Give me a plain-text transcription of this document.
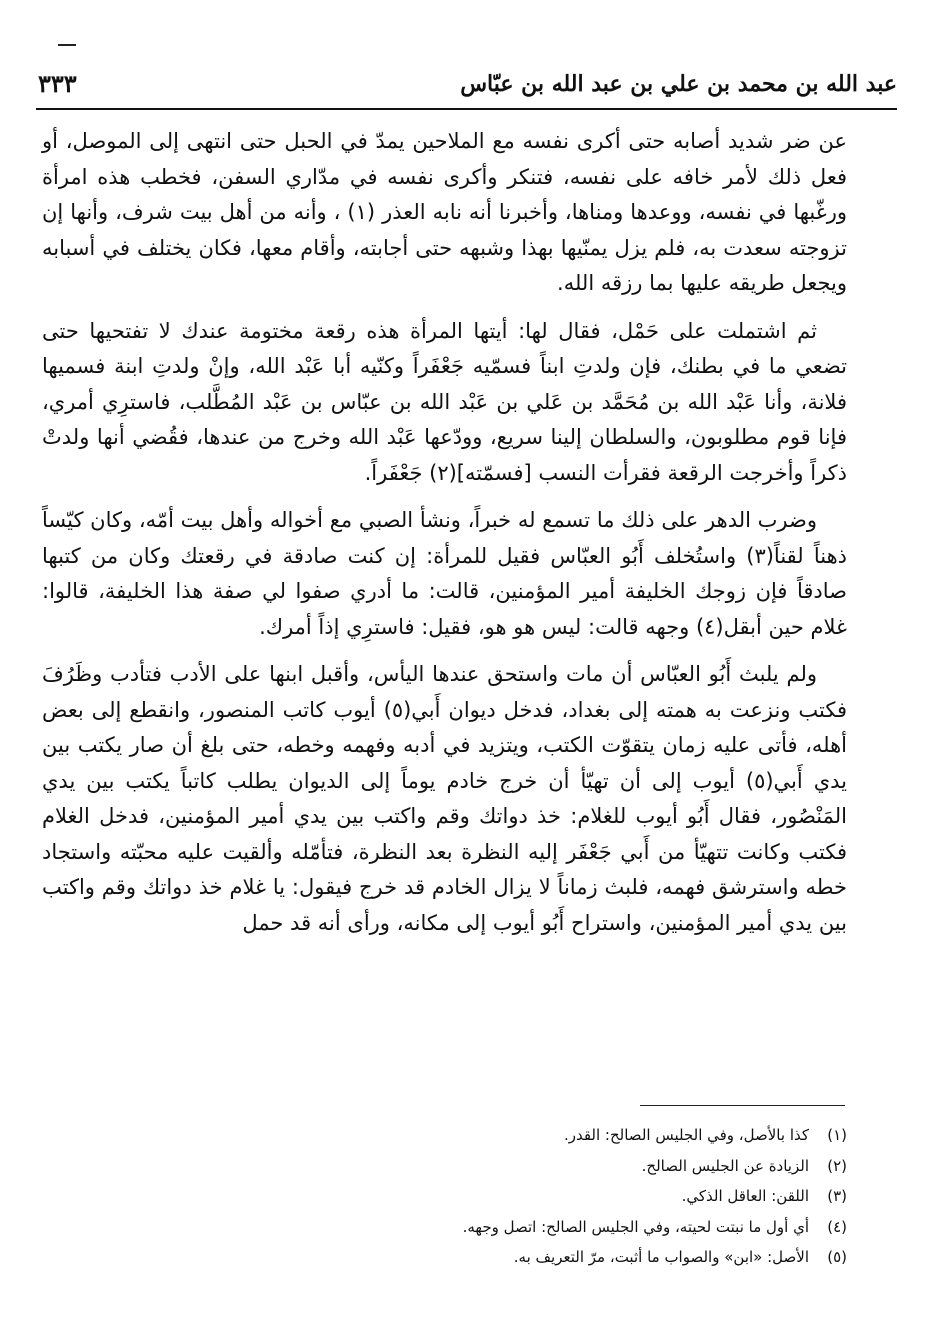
عبد الله بن محمد بن علي بن عبد الله بن عبّاس
٣٣٣

عن ضر شديد أصابه حتى أكرى نفسه مع الملاحين يمدّ في الحبل حتى انتهى إلى الموصل، أو فعل ذلك لأمر خافه على نفسه، فتنكر وأكرى نفسه في مدّاري السفن، فخطب هذه امرأة ورغّبها في نفسه، ووعدها ومناها، وأخبرنا أنه نابه العذر (١) ، وأنه من أهل بيت شرف، وأنها إن تزوجته سعدت به، فلم يزل يمنّيها بهذا وشبهه حتى أجابته، وأقام معها، فكان يختلف في أسبابه ويجعل طريقه عليها بما رزقه الله.

ثم اشتملت على حَمْل، فقال لها: أيتها المرأة هذه رقعة مختومة عندك لا تفتحيها حتى تضعي ما في بطنك، فإن ولدتِ ابناً فسمّيه جَعْفَراً وكنّيه أبا عَبْد الله، وإنْ ولدتِ ابنة فسميها فلانة، وأنا عَبْد الله بن مُحَمَّد بن عَلي بن عَبْد الله بن عبّاس بن عَبْد المُطَّلب، فاسترِي أمري، فإنا قوم مطلوبون، والسلطان إلينا سريع، وودّعها عَبْد الله وخرج من عندها، فقُضي أنها ولدتْ ذكراً وأخرجت الرقعة فقرأت النسب [فسمّته](٢) جَعْفَراً.

وضرب الدهر على ذلك ما تسمع له خبراً، ونشأ الصبي مع أخواله وأهل بيت أمّه، وكان كيّساً ذهناً لقناً(٣) واستُخلف أَبُو العبّاس فقيل للمرأة: إن كنت صادقة في رقعتك وكان من كتبها صادقاً فإن زوجك الخليفة أمير المؤمنين، قالت: ما أدري صفوا لي صفة هذا الخليفة، قالوا: غلام حين أبقل(٤) وجهه قالت: ليس هو هو، فقيل: فاسترِي إذاً أمرك.

ولم يلبث أَبُو العبّاس أن مات واستحق عندها اليأس، وأقبل ابنها على الأدب فتأدب وظَرُفَ فكتب ونزعت به همته إلى بغداد، فدخل ديوان أَبي(٥) أيوب كاتب المنصور، وانقطع إلى بعض أهله، فأتى عليه زمان يتقوّت الكتب، ويتزيد في أدبه وفهمه وخطه، حتى بلغ أن صار يكتب بين يدي أَبي(٥) أيوب إلى أن تهيّأ أن خرج خادم يوماً إلى الديوان يطلب كاتباً يكتب بين يدي المَنْصُور، فقال أَبُو أيوب للغلام: خذ دواتك وقم واكتب بين يدي أمير المؤمنين، فدخل الغلام فكتب وكانت تتهيّأ من أَبي جَعْفَر إليه النظرة بعد النظرة، فتأمّله وألقيت عليه محبّته واستجاد خطه واسترشق فهمه، فلبث زماناً لا يزال الخادم قد خرج فيقول: يا غلام خذ دواتك وقم واكتب بين يدي أمير المؤمنين، واستراح أَبُو أيوب إلى مكانه، ورأى أنه قد حمل

(١)
كذا بالأصل، وفي الجليس الصالح: القدر.
(٢)
الزيادة عن الجليس الصالح.
(٣)
اللقن: العاقل الذكي.
(٤)
أي أول ما نبتت لحيته، وفي الجليس الصالح: اتصل وجهه.
(٥)
الأصل: «ابن» والصواب ما أثبت، مرّ التعريف به.
